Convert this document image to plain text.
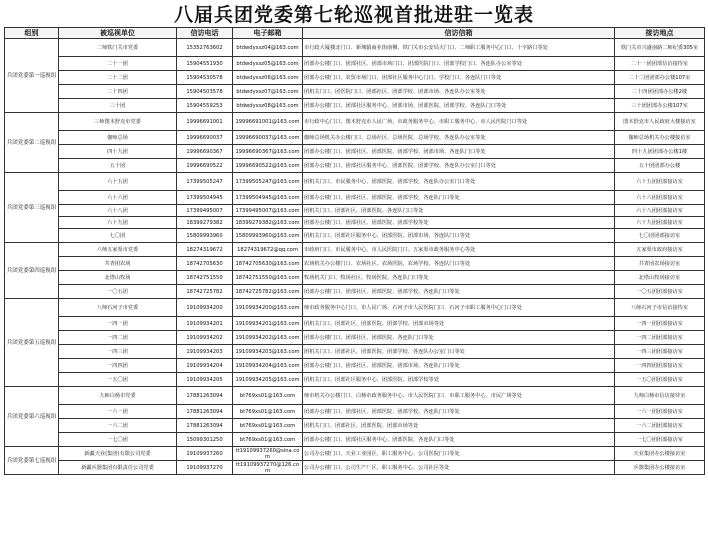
八届兵团党委第七轮巡视首批进驻一览表
组别	被巡视单位	信访电话	电子邮箱	信访信箱	接访地点
兵团党委第一巡视组	二师铁门关市党委	15352763602	btdwdyxsz04@163.com	市行政大厦楼北门口、新城镇商业街南侧、铁门关市公安局大门口、二师职工服务中心门口、十字路口等处	铁门关市兴盛南路二师纪委305室
	二十一团	15904551930	btdwdyxsz05@163.com	团部办公楼门口、团部社区、团部市场门口、团部医院门口、团部学校门口、各连队办公室等处	二十一团团部信访接待室
	二十二团	15904530578	btdwdyxsz06@163.com	团部办公楼门口、农贸市场门口、团部社区服务中心门口、学校门口、各连队门口等处	二十二团团部办公楼107室
	二十四团	15904503578	btdwdyxsz07@163.com	团机关门口、团医院门口、团部社区、团部学校、团部市场、各连队办公室等处	二十四团团部办公楼2楼
	三十团	15904559253	btdwdyxsz08@163.com	团部办公楼门口、团部社区服务中心、团部市场、团部医院、团部学校、各连队门口等处	三十团团部办公楼107室
兵团党委第二巡视组	三师图木舒克市党委	19996691001	19996691001@163.com	市行政中心门口、图木舒克市人民广场、市政务服务中心、市职工服务中心、市人民医院门口等处	图木舒克市人民政府大楼接访室
	伽师总场	19996690037	19996690037@163.com	伽师总场机关办公楼门口、总场社区、总场医院、总场学校、各连队办公室等处	伽师总场机关办公楼接访室
	四十九团	19996690367	19996690367@163.com	团部办公楼门口、团部社区、团部医院、团部学校、团部市场、各连队门口等处	四十九团团部办公楼1楼
	五十团	19996690522	19996690522@163.com	团部办公楼门口、团部社区服务中心、团部医院、团部学校、各连队办公室门口等处	五十团团部办公楼
兵团党委第三巡视组	六十五团	17399505247	17399505247@163.com	团机关门口、市民服务中心、团部医院、团部学校、各连队办公室门口等处	六十五团团部接访室
	六十六团	17399504945	17399504945@163.com	团部办公楼门口、团部社区、团部医院、团部学校、各连队门口等处	六十六团团部接访室
	六十八团	17399495007	17399495007@163.com	团机关门口、团部社区、团部医院、各连队门口等处	六十八团团部接访室
	六十九团	18399279382	18399279382@163.com	团部办公楼门口、团部社区、团部医院、团部学校等处	六十九团团部接访室
	七〇团	15809993960	15809993960@163.com	团机关门口、团部社区服务中心、团部医院、团部市场、各连队门口等处	七〇团团部接访室
兵团党委第四巡视组	六师五家渠市党委	18274319672	18274319672@qq.com	市政府门口、市民服务中心、市人民医院门口、五家渠市政务服务中心等处	五家渠市政府接访室
	共青团农场	18742705630	18742705630@163.com	农场机关办公楼门口、农场社区、农场医院、农场学校、各连队门口等处	共青团农场接访室
	北塔山牧场	18742751550	18742751550@163.com	牧场机关门口、牧场社区、牧场医院、各连队门口等处	北塔山牧场接访室
	一〇五团	18742725782	18742725782@163.com	团部办公楼门口、团部社区、团部医院、团部学校、各连队门口等处	一〇五团团部接访室
兵团党委第五巡视组	八师石河子市党委	19109934200	19109934200@163.com	师市政务服务中心门口、市人民广场、石河子市人民医院门口、石河子市职工服务中心门口等处	八师石河子市信访接待室
	一四一团	19109934201	19109934201@163.com	团机关门口、团部社区、团部医院、团部学校、团部市场等处	一四一团团部接访室
	一四二团	19109934202	19109934202@163.com	团部办公楼门口、团部社区、团部医院、各连队门口等处	一四二团团部接访室
	一四三团	19109934203	19109934203@163.com	团机关门口、团部社区、团部医院、团部学校、各连队办公室门口等处	一四三团团部接访室
	一四四团	19109934204	19109934204@163.com	团部办公楼门口、团部社区、团部医院、团部市场、各连队门口等处	一四四团团部接访室
	一五〇团	19109934205	19109934205@163.com	团机关门口、团部社区服务中心、团部医院、团部学校等处	一五〇团团部接访室
兵团党委第六巡视组	九师白杨市党委	17881263094	bt769xs01@163.com	师市机关办公楼门口、白杨市政务服务中心、市人民医院门口、市职工服务中心、市民广场等处	九师白杨市信访接待室
	一六一团	17881263094	bt769xs01@163.com	团部办公楼门口、团部社区、团部医院、团部学校、各连队门口等处	一六一团团部接访室
	一六二团	17881263094	bt769xs01@163.com	团机关门口、团部社区、团部医院、团部市场等处	一六二团团部接访室
	一七〇团	15099301250	bt769xs01@163.com	团部办公楼门口、团部社区服务中心、团部医院、各连队门口等处	一七〇团团部接访室
兵团党委第七巡视组	新疆天业(集团)有限公司党委	19109937260	tt19109937260@sina.com	公司办公楼门口、天业工业园区、职工服务中心、公司医院门口等处	天业集团办公楼接访室
	新疆兵器集团有限责任公司党委	19109937270	tt19109937270@126.com	公司办公楼门口、公司生产厂区、职工服务中心、公司社区等处	兵器集团办公楼接访室
